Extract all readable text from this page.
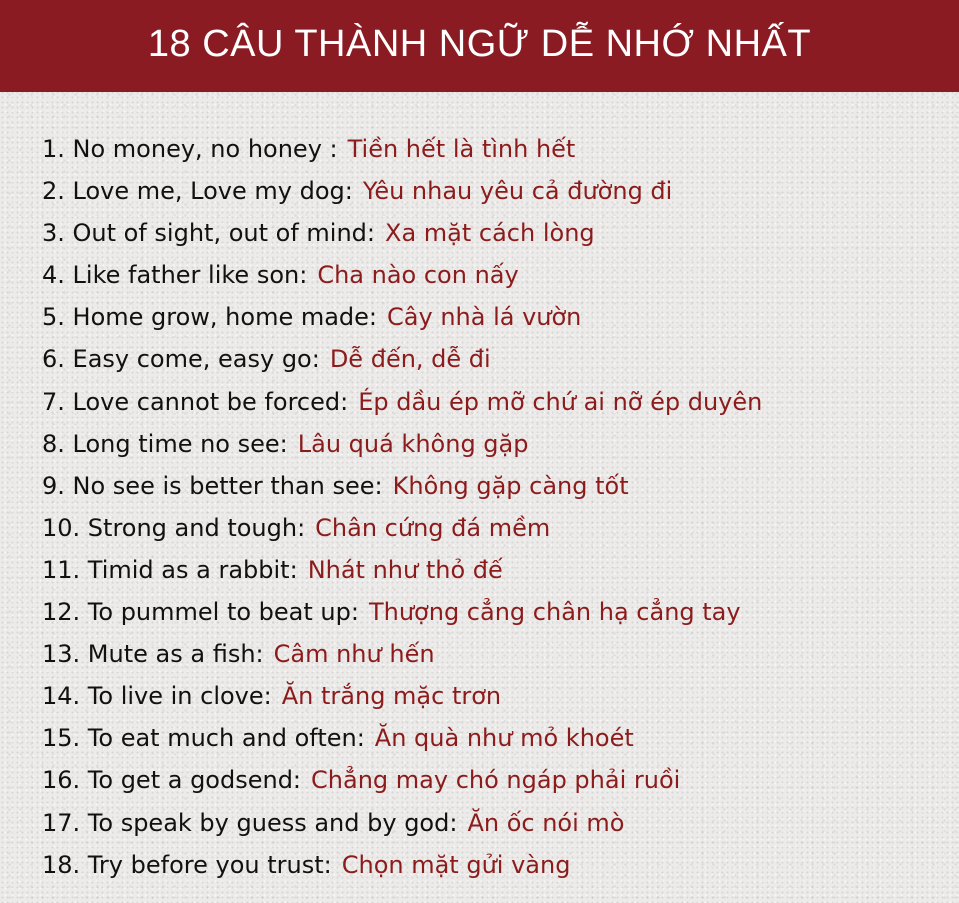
18 CÂU THÀNH NGỮ DỄ NHỚ NHẤT
1. No money, no honey : Tiền hết là tình hết
2. Love me, Love my dog: Yêu nhau yêu cả đường đi
3. Out of sight, out of mind: Xa mặt cách lòng
4. Like father like son: Cha nào con nấy
5. Home grow, home made: Cây nhà lá vườn
6. Easy come, easy go: Dễ đến, dễ đi
7. Love cannot be forced: Ép dầu ép mỡ chứ ai nỡ ép duyên
8. Long time no see: Lâu quá không gặp
9. No see is better than see: Không gặp càng tốt
10. Strong and tough: Chân cứng đá mềm
11. Timid as a rabbit: Nhát như thỏ đế
12. To pummel to beat up: Thượng cẳng chân hạ cẳng tay
13. Mute as a fish: Câm như hến
14. To live in clove: Ăn trắng mặc trơn
15. To eat much and often: Ăn quà như mỏ khoét
16. To get a godsend: Chẳng may chó ngáp phải ruồi
17. To speak by guess and by god: Ăn ốc nói mò
18. Try before you trust: Chọn mặt gửi vàng
